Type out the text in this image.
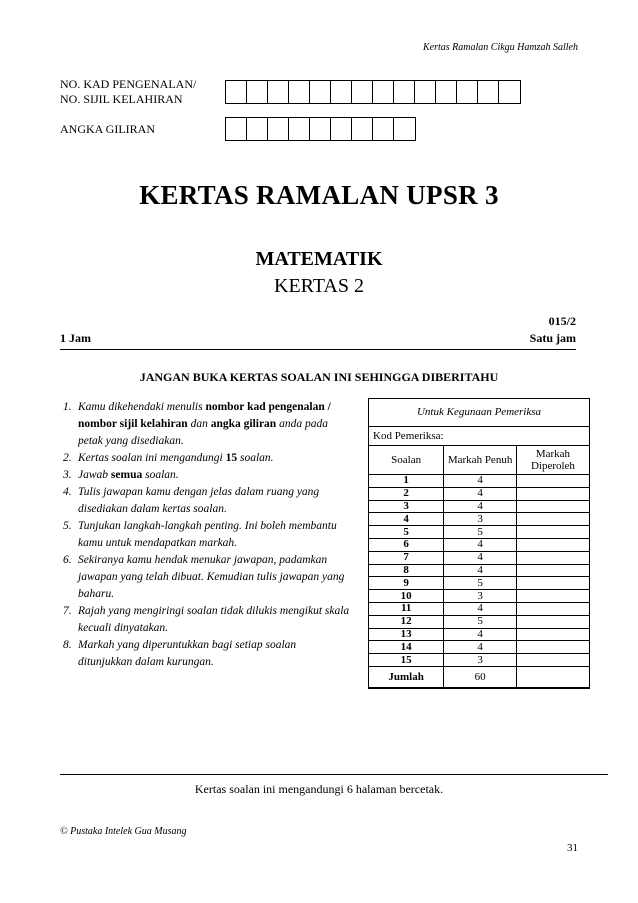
Kertas Ramalan Cikgu Hamzah Salleh
NO. KAD PENGENALAN/
NO. SIJIL KELAHIRAN
ANGKA GILIRAN
KERTAS RAMALAN UPSR 3
MATEMATIK
KERTAS 2
015/2
1 Jam	Satu jam
JANGAN BUKA KERTAS SOALAN INI SEHINGGA DIBERITAHU
1. Kamu dikehendaki menulis nombor kad pengenalan / nombor sijil kelahiran dan angka giliran anda pada petak yang disediakan.
2. Kertas soalan ini mengandungi 15 soalan.
3. Jawab semua soalan.
4. Tulis jawapan kamu dengan jelas dalam ruang yang disediakan dalam kertas soalan.
5. Tunjukan langkah-langkah penting. Ini boleh membantu kamu untuk mendapatkan markah.
6. Sekiranya kamu hendak menukar jawapan, padamkan jawapan yang telah dibuat. Kemudian tulis jawapan yang baharu.
7. Rajah yang mengiringi soalan tidak dilukis mengikut skala kecuali dinyatakan.
8. Markah yang diperuntukkan bagi setiap soalan ditunjukkan dalam kurungan.
Untuk Kegunaan Pemeriksa
Kod Pemeriksa:
Soalan	Markah Penuh	Markah Diperoleh
1	4	
2	4	
3	4	
4	3	
5	5	
6	4	
7	4	
8	4	
9	5	
10	3	
11	4	
12	5	
13	4	
14	4	
15	3	
Jumlah	60	
Kertas soalan ini mengandungi 6 halaman bercetak.
© Pustaka Intelek Gua Musang
31
